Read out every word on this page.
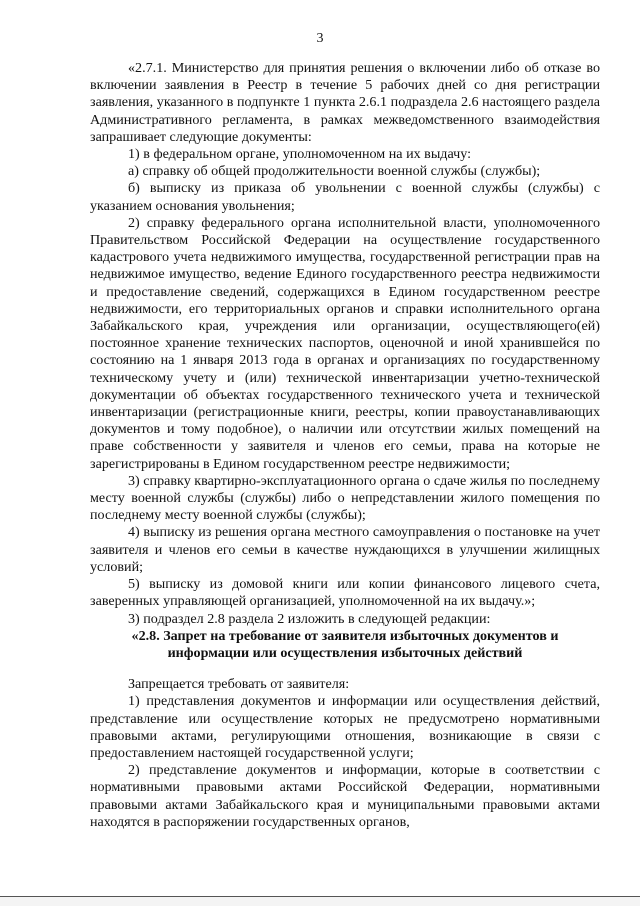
3

«2.7.1. Министерство для принятия решения о включении либо об отказе во включении заявления в Реестр в течение 5 рабочих дней со дня регистрации заявления, указанного в подпункте 1 пункта 2.6.1 подраздела 2.6 настоящего раздела Административного регламента, в рамках межведомственного взаимодействия запрашивает следующие документы:

1) в федеральном органе, уполномоченном на их выдачу:

а) справку об общей продолжительности военной службы (службы);

б) выписку из приказа об увольнении с военной службы (службы) с указанием основания увольнения;

2) справку федерального органа исполнительной власти, уполномоченного Правительством Российской Федерации на осуществление государственного кадастрового учета недвижимого имущества, государственной регистрации прав на недвижимое имущество, ведение Единого государственного реестра недвижимости и предоставление сведений, содержащихся в Едином государственном реестре недвижимости, его территориальных органов и справки исполнительного органа Забайкальского края, учреждения или организации, осуществляющего(ей) постоянное хранение технических паспортов, оценочной и иной хранившейся по состоянию на 1 января 2013 года в органах и организациях по государственному техническому учету и (или) технической инвентаризации учетно-технической документации об объектах государственного технического учета и технической инвентаризации (регистрационные книги, реестры, копии правоустанавливающих документов и тому подобное), о наличии или отсутствии жилых помещений на праве собственности у заявителя и членов его семьи, права на которые не зарегистрированы в Едином государственном реестре недвижимости;

3) справку квартирно-эксплуатационного органа о сдаче жилья по последнему месту военной службы (службы) либо о непредставлении жилого помещения по последнему месту военной службы (службы);

4) выписку из решения органа местного самоуправления о постановке на учет заявителя и членов его семьи в качестве нуждающихся в улучшении жилищных условий;

5) выписку из домовой книги или копии финансового лицевого счета, заверенных управляющей организацией, уполномоченной на их выдачу.»;

3) подраздел 2.8 раздела 2 изложить в следующей редакции:

«2.8. Запрет на требование от заявителя избыточных документов и информации или осуществления избыточных действий

Запрещается требовать от заявителя:

1) представления документов и информации или осуществления действий, представление или осуществление которых не предусмотрено нормативными правовыми актами, регулирующими отношения, возникающие в связи с предоставлением настоящей государственной услуги;

2) представление документов и информации, которые в соответствии с нормативными правовыми актами Российской Федерации, нормативными правовыми актами Забайкальского края и муниципальными правовыми актами находятся в распоряжении государственных органов,
